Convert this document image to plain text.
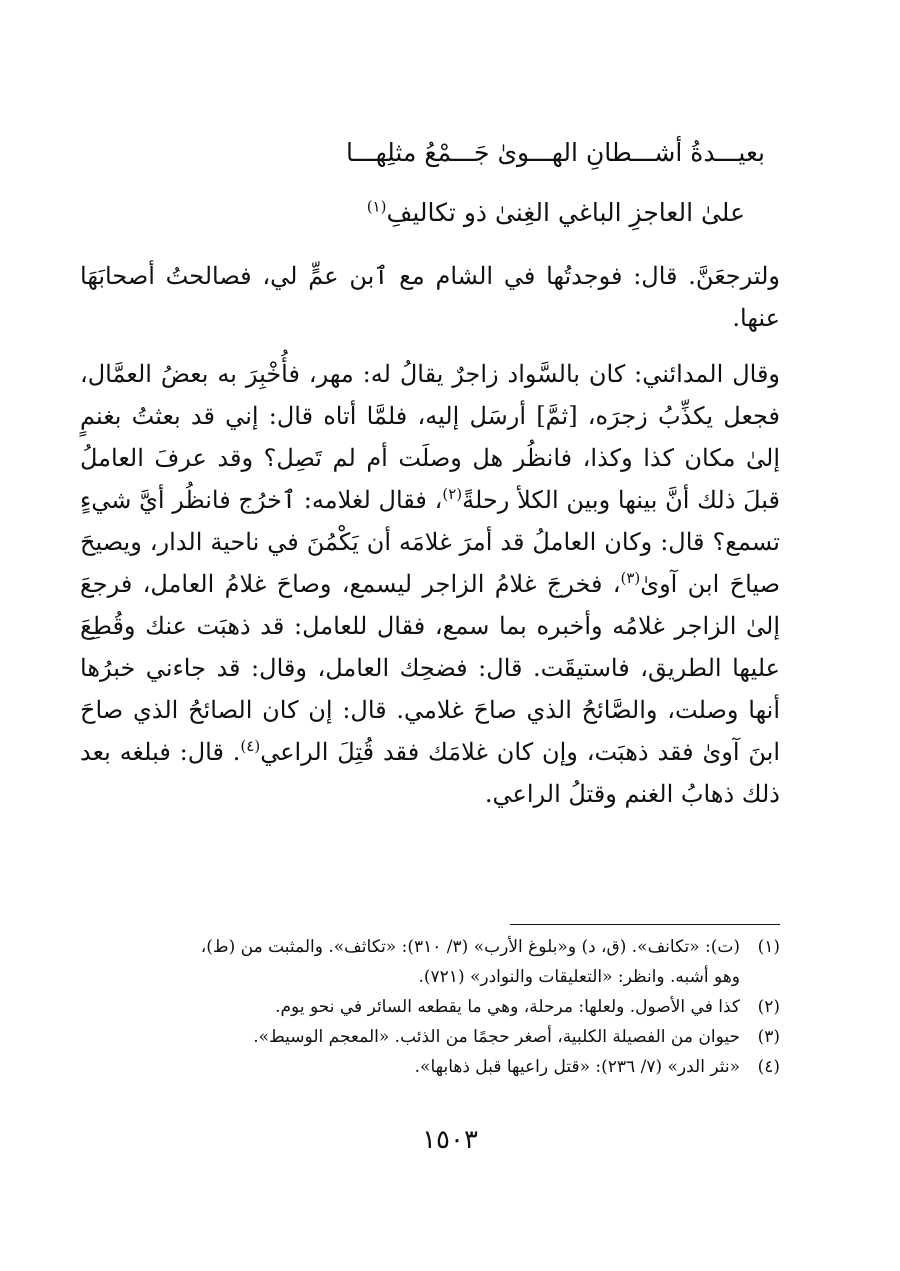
بعيـــدةُ أشـــطانِ الهـــوىٰ جَـــمْعُ مثلِهـــا
علىٰ العاجزِ الباغي الغِنىٰ ذو تكاليفِ$^{(١)}$

ولترجعَنَّ. قال: فوجدتُها في الشام مع ٱبن عمٍّ لي، فصالحتُ أصحابَهَا عنها.

وقال المدائني: كان بالسَّواد زاجرٌ يقالُ له: مهر، فأُخْبِرَ به بعضُ العمَّال، فجعل يكذِّبُ زجرَه، [ثمَّ] أرسَل إليه، فلمَّا أتاه قال: إني قد بعثتُ بغنمٍ إلىٰ مكان كذا وكذا، فانظُر هل وصلَت أم لم تَصِل؟ وقد عرفَ العاملُ قبلَ ذلك أنَّ بينها وبين الكلأ رحلةً$^{(٢)}$، فقال لغلامه: ٱخرُج فانظُر أيَّ شيءٍ تسمع؟ قال: وكان العاملُ قد أمرَ غلامَه أن يَكْمُنَ في ناحية الدار، ويصيحَ صياحَ ابن آوىٰ$^{(٣)}$، فخرجَ غلامُ الزاجر ليسمع، وصاحَ غلامُ العامل، فرجعَ إلىٰ الزاجر غلامُه وأخبره بما سمع، فقال للعامل: قد ذهبَت عنك وقُطِعَ عليها الطريق، فاستيقَت. قال: فضحِك العامل، وقال: قد جاءني خبرُها أنها وصلت، والصَّائحُ الذي صاحَ غلامي. قال: إن كان الصائحُ الذي صاحَ ابنَ آوىٰ فقد ذهبَت، وإن كان غلامَك فقد قُتِلَ الراعي$^{(٤)}$. قال: فبلغه بعد ذلك ذهابُ الغنم وقتلُ الراعي.

(١)(ت): «تكانف». (ق، د) و«بلوغ الأرب» (٣/ ٣١٠): «تكاثف». والمثبت من (ط)،
وهو أشبه. وانظر: «التعليقات والنوادر» (٧٢١).
(٢)كذا في الأصول. ولعلها: مرحلة، وهي ما يقطعه السائر في نحو يوم.
(٣)حيوان من الفصيلة الكلبية، أصغر حجمًا من الذئب. «المعجم الوسيط».
(٤)«نثر الدر» (٧/ ٢٣٦): «قتل راعيها قبل ذهابها».
١٥٠٣
